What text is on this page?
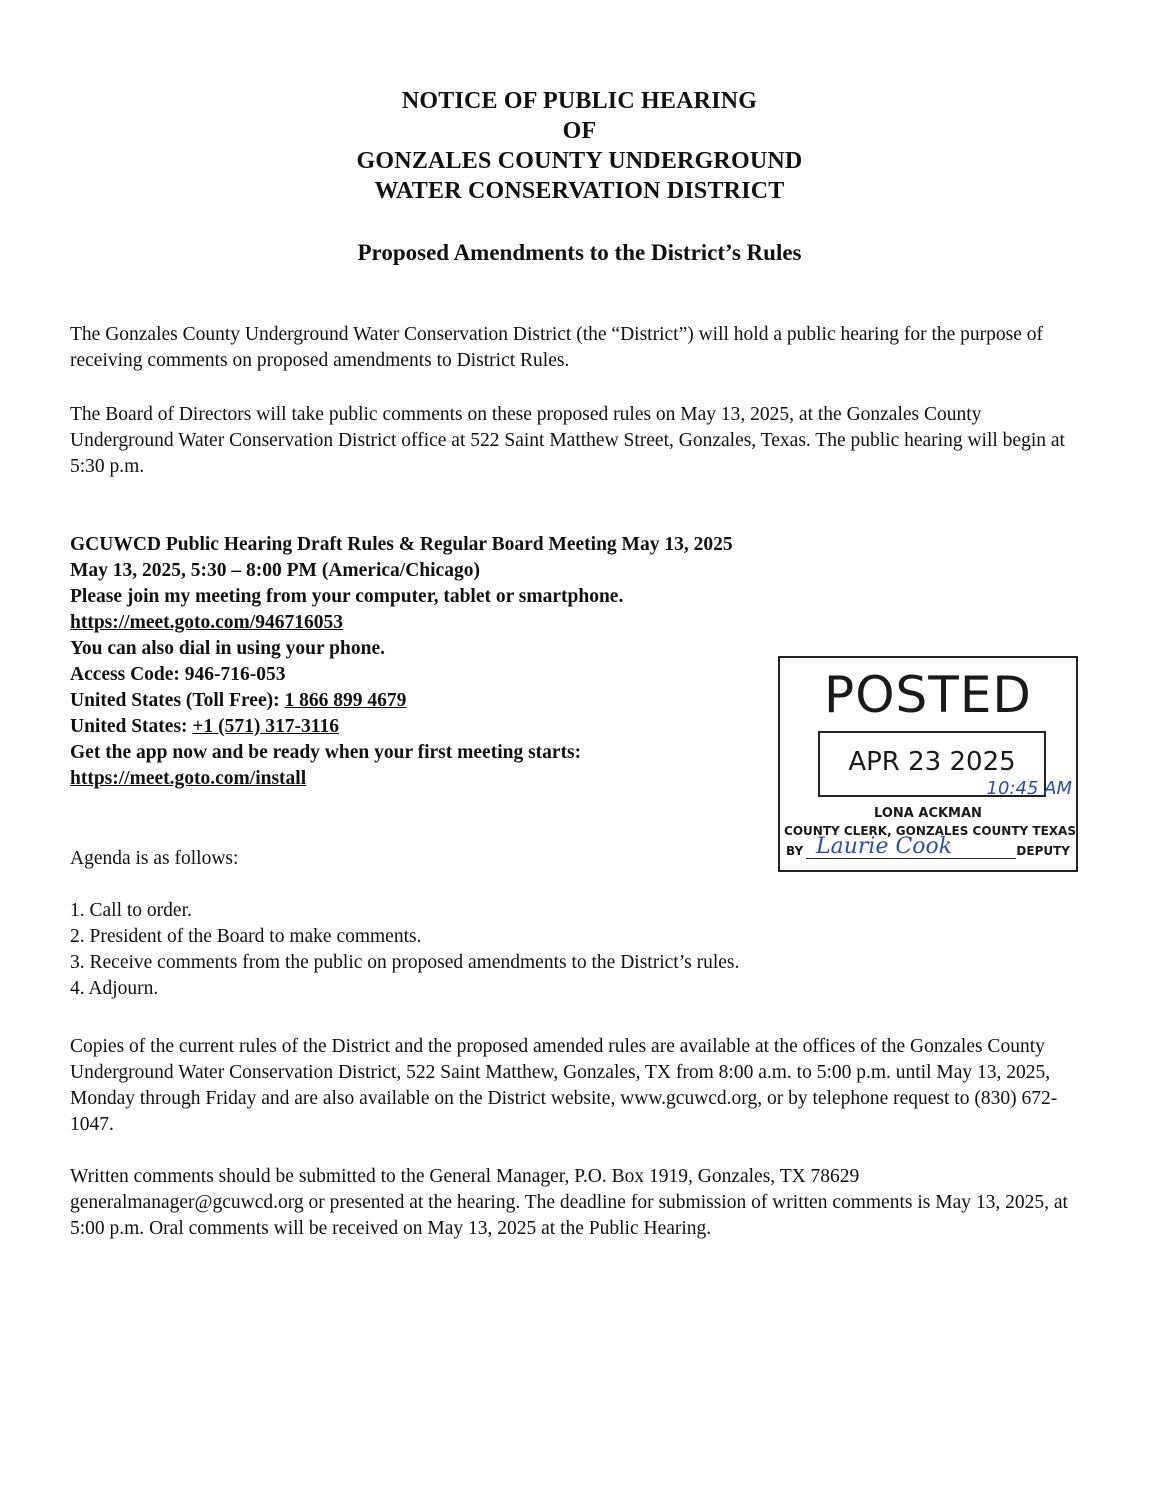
NOTICE OF PUBLIC HEARING
OF
GONZALES COUNTY UNDERGROUND
WATER CONSERVATION DISTRICT
Proposed Amendments to the District’s Rules
The Gonzales County Underground Water Conservation District (the “District”) will hold a public hearing for the purpose of receiving comments on proposed amendments to District Rules.
The Board of Directors will take public comments on these proposed rules on May 13, 2025, at the Gonzales County Underground Water Conservation District office at 522 Saint Matthew Street, Gonzales, Texas. The public hearing will begin at 5:30 p.m.
GCUWCD Public Hearing Draft Rules & Regular Board Meeting May 13, 2025
May 13, 2025, 5:30 – 8:00 PM (America/Chicago)
Please join my meeting from your computer, tablet or smartphone.
https://meet.goto.com/946716053
You can also dial in using your phone.
Access Code: 946-716-053
United States (Toll Free): 1 866 899 4679
United States: +1 (571) 317-3116
Get the app now and be ready when your first meeting starts:
https://meet.goto.com/install
POSTED
APR 23 2025
10:45 AM
LONA ACKMAN
COUNTY CLERK, GONZALES COUNTY TEXAS
BY Laurie Cook	DEPUTY
Agenda is as follows:
1. Call to order.
2. President of the Board to make comments.
3. Receive comments from the public on proposed amendments to the District’s rules.
4. Adjourn.
Copies of the current rules of the District and the proposed amended rules are available at the offices of the Gonzales County Underground Water Conservation District, 522 Saint Matthew, Gonzales, TX from 8:00 a.m. to 5:00 p.m. until May 13, 2025, Monday through Friday and are also available on the District website, www.gcuwcd.org, or by telephone request to (830) 672-1047.
Written comments should be submitted to the General Manager, P.O. Box 1919, Gonzales, TX 78629 generalmanager@gcuwcd.org or presented at the hearing. The deadline for submission of written comments is May 13, 2025, at 5:00 p.m. Oral comments will be received on May 13, 2025 at the Public Hearing.
